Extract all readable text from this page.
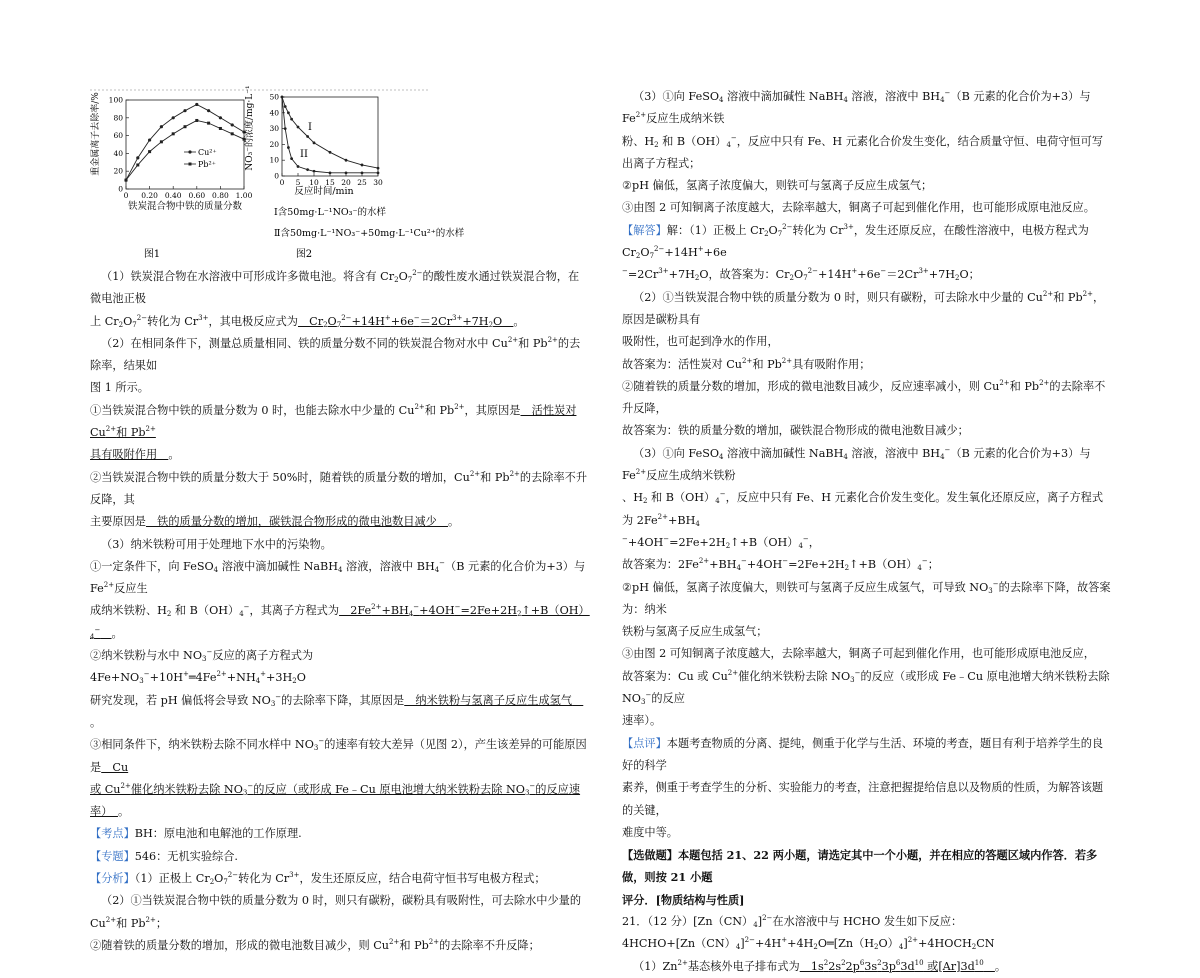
重金属离子去除率/%
铁炭混合物中铁的质量分数
图1
Cu²⁺
Pb²⁺
0 0.20 0.40 0.60 0.80 1.00
0
20
40
60
80
100	NO₃⁻的浓度/mg·L⁻¹
反应时间/min
I
II
Ⅰ含50mg·L⁻¹NO₃⁻的水样
Ⅱ含50mg·L⁻¹NO₃⁻+50mg·L⁻¹Cu²⁺的水样
图2
0 5 10 15 20 25 30
0
10
20
30
40
50

（1）铁炭混合物在水溶液中可形成许多微电池。将含有 $Cr_2O_7^{2-}$的酸性废水通过铁炭混合物，在微电池正极

上 $Cr_2O_7^{2-}$转化为 $Cr^{3+}$，其电极反应式为　$Cr_2O_7^{2-}+14H^++6e^-=2Cr^{3+}+7H_2O$　。

（2）在相同条件下，测量总质量相同、铁的质量分数不同的铁炭混合物对水中 $Cu^{2+}$和 $Pb^{2+}$的去除率，结果如

图 1 所示。

①当铁炭混合物中铁的质量分数为 0 时，也能去除水中少量的 $Cu^{2+}$和 $Pb^{2+}$，其原因是　活性炭对 $Cu^{2+}$和 $Pb^{2+}$

具有吸附作用　。

②当铁炭混合物中铁的质量分数大于 50%时，随着铁的质量分数的增加，$Cu^{2+}$和 $Pb^{2+}$的去除率不升反降，其

主要原因是　铁的质量分数的增加，碳铁混合物形成的微电池数目减少　。

（3）纳米铁粉可用于处理地下水中的污染物。

①一定条件下，向 FeSO$_4$ 溶液中滴加碱性 NaBH$_4$ 溶液，溶液中 $BH_4^-(B$ 元素的化合价为+3）与 $Fe^{2+}$反应生

成纳米铁粉、$H_2$ 和 $B(OH)_4^-$，其离子方程式为　$2Fe^{2+}+BH_4^-+4OH^-=2Fe+2H_2↑+B(OH)_4^-$　 。

②纳米铁粉与水中 $NO_3^-$反应的离子方程式为

$4Fe+NO_3^-+10H^+═4Fe^{2+}+NH_4^++3H_2O$

研究发现，若 pH 偏低将会导致 $NO_3^-$的去除率下降，其原因是　纳米铁粉与氢离子反应生成氢气　。

③相同条件下，纳米铁粉去除不同水样中 $NO_3^-$的速率有较大差异（见图 2），产生该差异的可能原因是　Cu

或 $Cu^{2+}$催化纳米铁粉去除 $NO_3^-$的反应（或形成 Fe﹣Cu 原电池增大纳米铁粉去除 $NO_3^-$的反应速率）　。

【考点】BH：原电池和电解池的工作原理.

【专题】546：无机实验综合.

【分析】（1）正极上 $Cr_2O_7^{2-}$转化为 $Cr^{3+}$，发生还原反应，结合电荷守恒书写电极方程式；

（2）①当铁炭混合物中铁的质量分数为 0 时，则只有碳粉，碳粉具有吸附性，可去除水中少量的 $Cu^{2+}$和 $Pb^{2+}$；

②随着铁的质量分数的增加，形成的微电池数目减少，则 $Cu^{2+}$和 $Pb^{2+}$的去除率不升反降；

（3）①向 FeSO$_4$ 溶液中滴加碱性 NaBH$_4$ 溶液，溶液中 $BH_4^-(B$ 元素的化合价为+3）与 $Fe^{2+}$反应生成纳米铁

粉、$H_2$ 和 $B(OH)_4^-$，反应中只有 Fe、H 元素化合价发生变化，结合质量守恒、电荷守恒可写出离子方程式；

②pH 偏低，氢离子浓度偏大，则铁可与氢离子反应生成氢气；

③由图 2 可知铜离子浓度越大，去除率越大，铜离子可起到催化作用，也可能形成原电池反应。

【解答】解：（1）正极上 $Cr_2O_7^{2-}$转化为 $Cr^{3+}$，发生还原反应，在酸性溶液中，电极方程式为 $Cr_2O_7^{2-}+14H^++6e$

$^-=2Cr^{3+}+7H_2O$，故答案为：$Cr_2O_7^{2-}+14H^++6e^-=2Cr^{3+}+7H_2O$；

（2）①当铁炭混合物中铁的质量分数为 0 时，则只有碳粉，可去除水中少量的 $Cu^{2+}$和 $Pb^{2+}$，原因是碳粉具有

吸附性，也可起到净水的作用，

故答案为：活性炭对 $Cu^{2+}$和 $Pb^{2+}$具有吸附作用；

②随着铁的质量分数的增加，形成的微电池数目减少，反应速率减小，则 $Cu^{2+}$和 $Pb^{2+}$的去除率不升反降，

故答案为：铁的质量分数的增加，碳铁混合物形成的微电池数目减少；

（3）①向 FeSO$_4$ 溶液中滴加碱性 NaBH$_4$ 溶液，溶液中 $BH_4^-(B$ 元素的化合价为+3）与 $Fe^{2+}$反应生成纳米铁粉

、$H_2$ 和 $B(OH)_4^-$，反应中只有 Fe、H 元素化合价发生变化。发生氧化还原反应，离子方程式为 $2Fe^{2+}+BH_4$

$^-+4OH^-=2Fe+2H_2↑+B(OH)_4^-$，

故答案为：$2Fe^{2+}+BH_4^-+4OH^-=2Fe+2H_2↑+B(OH)_4^-$；

②pH 偏低，氢离子浓度偏大，则铁可与氢离子反应生成氢气，可导致 $NO_3^-$的去除率下降，故答案为：纳米

铁粉与氢离子反应生成氢气；

③由图 2 可知铜离子浓度越大，去除率越大，铜离子可起到催化作用，也可能形成原电池反应，

故答案为：Cu 或 $Cu^{2+}$催化纳米铁粉去除 $NO_3^-$的反应（或形成 Fe﹣Cu 原电池增大纳米铁粉去除 $NO_3^-$的反应

速率）。

【点评】本题考查物质的分离、提纯，侧重于化学与生活、环境的考查，题目有利于培养学生的良好的科学

素养，侧重于考查学生的分析、实验能力的考查，注意把握提给信息以及物质的性质，为解答该题的关键，

难度中等。

【选做题】本题包括 21、22 两小题，请选定其中一个小题，并在相应的答题区域内作答．若多做，则按 21 小题

评分．[物质结构与性质]

21．（12 分）$[Zn(CN)_4]^{2-}$在水溶液中与 HCHO 发生如下反应：

$4HCHO+[Zn(CN)_4]^{2-}+4H^++4H_2O═[Zn(H_2O)_4]^{2+}+4HOCH_2CN$

$(1)Zn^{2+}$基态核外电子排布式为　$1s^22s^22p^63s^23p^63d^{10}$ 或$[Ar]3d^{10}$　 。
